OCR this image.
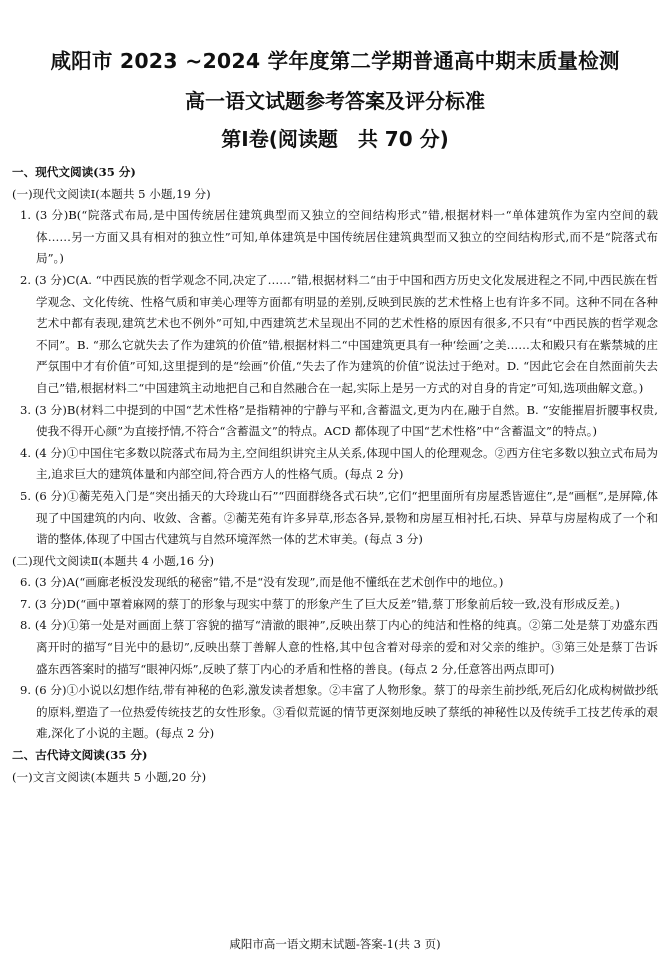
咸阳市 2023 ~2024 学年度第二学期普通高中期末质量检测
高一语文试题参考答案及评分标准
第Ⅰ卷(阅读题　共 70 分)

一、现代文阅读(35 分)

(一)现代文阅读Ⅰ(本题共 5 小题,19 分)

1. (3 分)B(“院落式布局,是中国传统居住建筑典型而又独立的空间结构形式”错,根据材料一“单体建筑作为室内空间的载体……另一方面又具有相对的独立性”可知,单体建筑是中国传统居住建筑典型而又独立的空间结构形式,而不是“院落式布局”。)

2. (3 分)C(A. “中西民族的哲学观念不同,决定了……”错,根据材料二“由于中国和西方历史文化发展进程之不同,中西民族在哲学观念、文化传统、性格气质和审美心理等方面都有明显的差别,反映到民族的艺术性格上也有许多不同。这种不同在各种艺术中都有表现,建筑艺术也不例外”可知,中西建筑艺术呈现出不同的艺术性格的原因有很多,不只有“中西民族的哲学观念不同”。B. “那么它就失去了作为建筑的价值”错,根据材料二“中国建筑更具有一种‘绘画’之美……太和殿只有在紫禁城的庄严氛围中才有价值”可知,这里提到的是“绘画”价值,“失去了作为建筑的价值”说法过于绝对。D. “因此它会在自然面前失去自己”错,根据材料二“中国建筑主动地把自己和自然融合在一起,实际上是另一方式的对自身的肯定”可知,选项曲解文意。)

3. (3 分)B(材料二中提到的中国“艺术性格”是指精神的宁静与平和,含蓄温文,更为内在,融于自然。B. “安能摧眉折腰事权贵,使我不得开心颜”为直接抒情,不符合“含蓄温文”的特点。ACD 都体现了中国“艺术性格”中“含蓄温文”的特点。)

4. (4 分)①中国住宅多数以院落式布局为主,空间组织讲究主从关系,体现中国人的伦理观念。②西方住宅多数以独立式布局为主,追求巨大的建筑体量和内部空间,符合西方人的性格气质。(每点 2 分)

5. (6 分)①蘅芜苑入门是“突出插天的大玲珑山石”“四面群绕各式石块”,它们“把里面所有房屋悉皆遮住”,是“画框”,是屏障,体现了中国建筑的内向、收敛、含蓄。②蘅芜苑有许多异草,形态各异,景物和房屋互相衬托,石块、异草与房屋构成了一个和谐的整体,体现了中国古代建筑与自然环境浑然一体的艺术审美。(每点 3 分)

(二)现代文阅读Ⅱ(本题共 4 小题,16 分)

6. (3 分)A(“画廊老板没发现纸的秘密”错,不是“没有发现”,而是他不懂纸在艺术创作中的地位。)

7. (3 分)D(“画中罩着麻网的蔡丁的形象与现实中蔡丁的形象产生了巨大反差”错,蔡丁形象前后较一致,没有形成反差。)

8. (4 分)①第一处是对画面上蔡丁容貌的描写“清澈的眼神”,反映出蔡丁内心的纯洁和性格的纯真。②第二处是蔡丁劝盛东西离开时的描写“目光中的悬切”,反映出蔡丁善解人意的性格,其中包含着对母亲的爱和对父亲的维护。③第三处是蔡丁告诉盛东西答案时的描写“眼神闪烁”,反映了蔡丁内心的矛盾和性格的善良。(每点 2 分,任意答出两点即可)

9. (6 分)①小说以幻想作结,带有神秘的色彩,激发读者想象。②丰富了人物形象。蔡丁的母亲生前抄纸,死后幻化成构树做抄纸的原料,塑造了一位热爱传统技艺的女性形象。③看似荒诞的情节更深刻地反映了蔡纸的神秘性以及传统手工技艺传承的艰难,深化了小说的主题。(每点 2 分)

二、古代诗文阅读(35 分)

(一)文言文阅读(本题共 5 小题,20 分)

咸阳市高一语文期末试题-答案-1(共 3 页)
